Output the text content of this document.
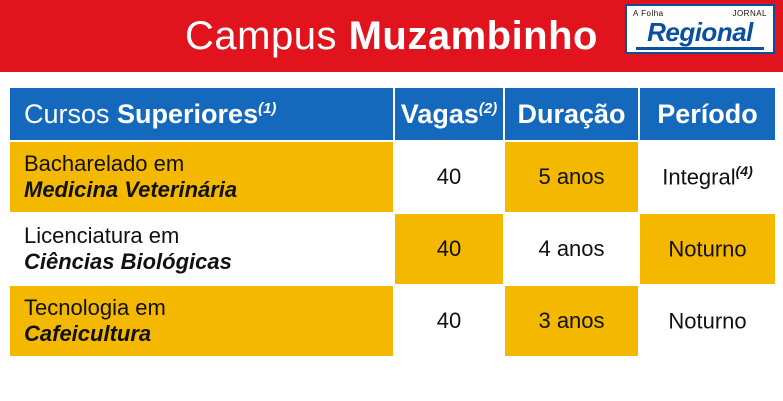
Campus Muzambinho
A Folha	JORNAL
Regional
Cursos Superiores$^{(1)}$	Vagas$^{(2)}$	Duração	Período

Bacharelado em
Medicina Veterinária	40	5 anos	Integral$^{(4)}$

Licenciatura em
Ciências Biológicas	40	4 anos	Noturno

Tecnologia em
Cafeicultura	40	3 anos	Noturno
